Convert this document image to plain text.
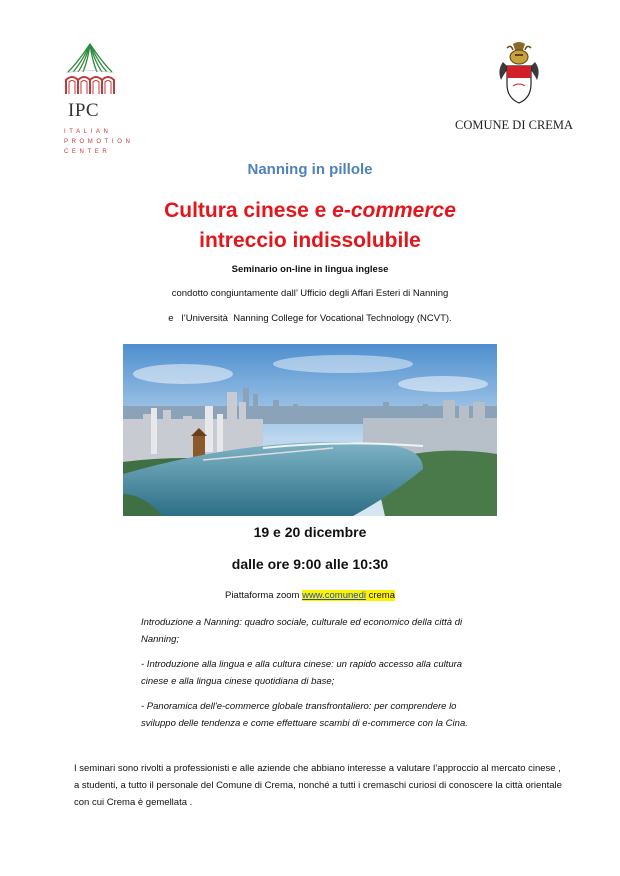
IPC
ITALIAN
PROMOTION
CENTER
COMUNE DI CREMA
Nanning in pillole
Cultura cinese e e-commerce
intreccio indissolubile
Seminario on-line in lingua inglese
condotto congiuntamente dall’ Ufficio degli Affari Esteri di Nanning
e   l’Università  Nanning College for Vocational Technology (NCVT).
19 e 20 dicembre
dalle ore 9:00 alle 10:30
Piattaforma zoom www.comunedi crema
Introduzione a Nanning: quadro sociale, culturale ed economico della città di Nanning;
- Introduzione alla lingua e alla cultura cinese: un rapido accesso alla cultura cinese e alla lingua cinese quotidiana di base;
- Panoramica dell'e-commerce globale transfrontaliero: per comprendere lo sviluppo delle tendenza e come effettuare scambi di e-commerce con la Cina.
I seminari sono rivolti a professionisti e alle aziende che abbiano interesse a valutare l’approccio al mercato cinese , a studenti, a tutto il personale del Comune di Crema, nonché a tutti i cremaschi curiosi di conoscere la città orientale con cui Crema è gemellata .
